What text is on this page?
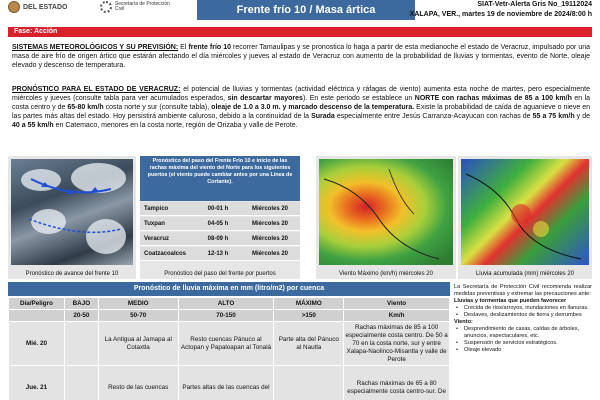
DEL ESTADO	Secretaría de Protección Civil	Frente frío 10 / Masa ártica	SIAT-Vetr-Alerta Gris No_19112024
XALAPA, VER., martes 19 de noviembre de 2024/8:00 h
Fase: Acción
SISTEMAS METEOROLÓGICOS Y SU PREVISIÓN: El frente frío 10 recorrer Tamaulipas y se pronostica lo haga a partir de esta medianoche el estado de Veracruz, impulsado por una masa de aire frío de origen ártico que estarán afectando el día miércoles y jueves al estado de Veracruz con aumento de la probabilidad de lluvias y tormentas, evento de Norte, oleaje elevado y descenso de temperatura.
PRONÓSTICO PARA EL ESTADO DE VERACRUZ: el potencial de lluvias y tormentas (actividad eléctrica y ráfagas de viento) aumenta esta noche de martes, pero especialmente miércoles y jueves (consulte tabla para ver acumulados esperados, sin descartar mayores). En este periodo se establece un NORTE con rachas máximas de 85 a 100 km/h en la costa centro y de 65-80 km/h costa norte y sur (consulte tabla), oleaje de 1.0 a 3.0 m. y marcado descenso de la temperatura. Existe la probabilidad de caída de aguanieve o nieve en las partes más altas del estado. Hoy persistirá ambiente caluroso, debido a la continuidad de la Surada especialmente entre Jesús Carranza-Acayucan con rachas de 55 a 75 km/h y de 40 a 55 km/h en Catemaco, menores en la costa norte, región de Orizaba y valle de Perote.
Pronóstico de avance del frente 10
Pronóstico del paso del Frente Frío 10 e inicio de las rachas máxima del viento del Norte para los siguientes puertos (el viento puede cambiar antes por una Línea de Cortante).
Tampico	00-01 h	Miércoles 20
Tuxpan	04-05 h	Miércoles 20
Veracruz	08-09 h	Miércoles 20
Coatzacoalcos	12-13 h	Miércoles 20
Pronóstico del paso del frente por puertos	Viento Máximo (km/h) miércoles 20	Lluvia acumulada (mm) miércoles 20
Pronóstico de lluvia máxima en mm (litro/m2) por cuenca
Día/Peligro	BAJO	MEDIO	ALTO	MÁXIMO	Viento
	20-50	50-70	70-150	>150	Km/h
Mié. 20		La Antigua al Jamapa al Cotaxtla	Resto cuencas Pánuco al Actopan y Papaloapan al Tonalá	Parte alta del Pánuco al Nautla	Rachas máximas de 85 a 100 especialmente costa centro. De 50 a 70 en la costa norte, sur y entre Xalapa-Naolinco-Misantla y valle de Perote
Jue. 21		Resto de las cuencas	Partes altas de las cuencas del		Rachas máximas de 65 a 80 especialmente costa centro-sur. De
La Secretaría de Protección Civil recomienda realizar medidas preventivas y extremar las precauciones ante:
Lluvias y tormentas que pueden favorecer
• Crecida de ríos/arroyos, inundaciones en llanuras.
• Deslaves, deslizamientos de tierra y derrumbes
Viento:
• Desprendimiento de casas, caídas de árboles, anuncios, espectaculares, etc.
• Suspensión de servicios estratégicos.
• Oleaje elevado
